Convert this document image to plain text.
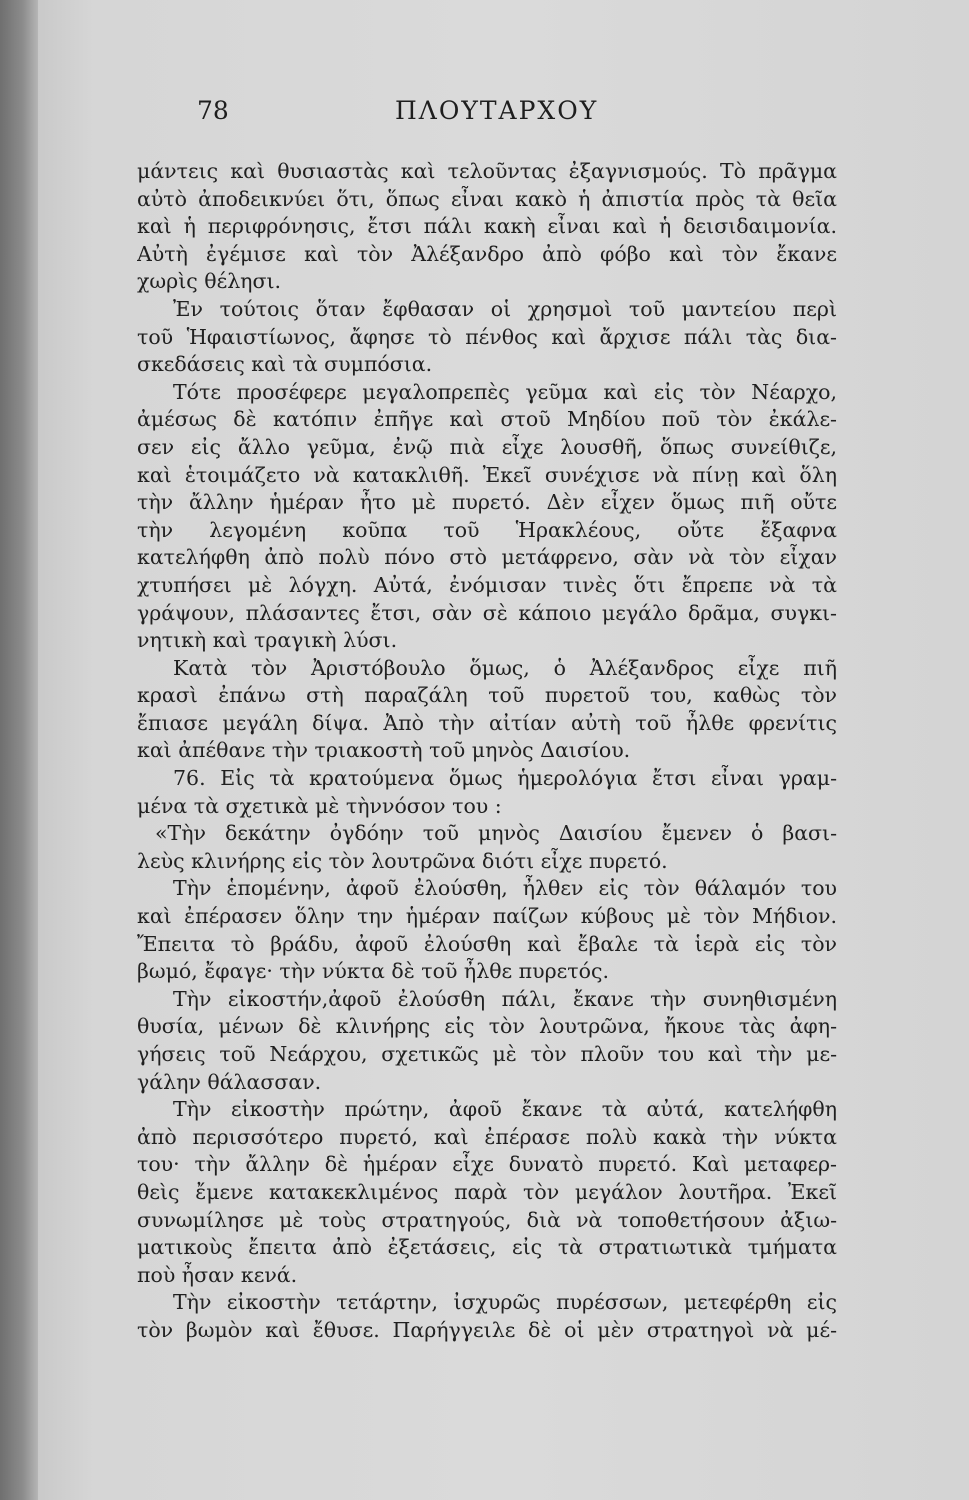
78	ΠΛΟΥΤΑΡΧΟΥ
μάντεις καὶ θυσιαστὰς καὶ τελοῦντας ἐξαγνισμούς. Τὸ πρᾶγμα
αὐτὸ ἀποδεικνύει ὅτι, ὅπως εἶναι κακὸ ἡ ἀπιστία πρὸς τὰ θεῖα
καὶ ἡ περιφρόνησις, ἔτσι πάλι κακὴ εἶναι καὶ ἡ δεισιδαιμονία.
Αὐτὴ ἐγέμισε καὶ τὸν Ἀλέξανδρο ἀπὸ φόβο καὶ τὸν ἔκανε
χωρὶς θέλησι.
Ἐν τούτοις ὅταν ἔφθασαν οἱ χρησμοὶ τοῦ μαντείου περὶ
τοῦ Ἡφαιστίωνος, ἄφησε τὸ πένθος καὶ ἄρχισε πάλι τὰς δια-
σκεδάσεις καὶ τὰ συμπόσια.
Τότε προσέφερε μεγαλοπρεπὲς γεῦμα καὶ εἰς τὸν Νέαρχο,
ἀμέσως δὲ κατόπιν ἐπῆγε καὶ στοῦ Μηδίου ποῦ τὸν ἐκάλε-
σεν εἰς ἄλλο γεῦμα, ἐνῷ πιὰ εἶχε λουσθῆ, ὅπως συνείθιζε,
καὶ ἑτοιμάζετο νὰ κατακλιθῆ. Ἐκεῖ συνέχισε νὰ πίνῃ καὶ ὅλη
τὴν ἄλλην ἡμέραν ἦτο μὲ πυρετό. Δὲν εἶχεν ὅμως πιῆ οὔτε
τὴν λεγομένη κοῦπα τοῦ Ἡρακλέους, οὔτε ἔξαφνα
κατελήφθη ἀπὸ πολὺ πόνο στὸ μετάφρενο, σὰν νὰ τὸν εἶχαν
χτυπήσει μὲ λόγχη. Αὐτά, ἐνόμισαν τινὲς ὅτι ἔπρεπε νὰ τὰ
γράψουν, πλάσαντες ἔτσι, σὰν σὲ κάποιο μεγάλο δρᾶμα, συγκι-
νητικὴ καὶ τραγικὴ λύσι.
Κατὰ τὸν Ἀριστόβουλο ὅμως, ὁ Ἀλέξανδρος εἶχε πιῆ
κρασὶ ἐπάνω στὴ παραζάλη τοῦ πυρετοῦ του, καθὼς τὸν
ἔπιασε μεγάλη δίψα. Ἀπὸ τὴν αἰτίαν αὐτὴ τοῦ ἦλθε φρενίτις
καὶ ἀπέθανε τὴν τριακοστὴ τοῦ μηνὸς Δαισίου.
76. Εἰς τὰ κρατούμενα ὅμως ἡμερολόγια ἔτσι εἶναι γραμ-
μένα τὰ σχετικὰ μὲ τὴννόσον του :
«Τὴν δεκάτην ὀγδόην τοῦ μηνὸς Δαισίου ἔμενεν ὁ βασι-
λεὺς κλινήρης εἰς τὸν λουτρῶνα διότι εἶχε πυρετό.
Τὴν ἑπομένην, ἀφοῦ ἐλούσθη, ἦλθεν εἰς τὸν θάλαμόν του
καὶ ἐπέρασεν ὅλην την ἡμέραν παίζων κύβους μὲ τὸν Μήδιον.
Ἔπειτα τὸ βράδυ, ἀφοῦ ἐλούσθη καὶ ἔβαλε τὰ ἱερὰ εἰς τὸν
βωμό, ἔφαγε· τὴν νύκτα δὲ τοῦ ἦλθε πυρετός.
Τὴν εἰκοστήν,ἀφοῦ ἐλούσθη πάλι, ἔκανε τὴν συνηθισμένη
θυσία, μένων δὲ κλινήρης εἰς τὸν λουτρῶνα, ἤκουε τὰς ἀφη-
γήσεις τοῦ Νεάρχου, σχετικῶς μὲ τὸν πλοῦν του καὶ τὴν με-
γάλην θάλασσαν.
Τὴν εἰκοστὴν πρώτην, ἀφοῦ ἔκανε τὰ αὐτά, κατελήφθη
ἀπὸ περισσότερο πυρετό, καὶ ἐπέρασε πολὺ κακὰ τὴν νύκτα
του· τὴν ἄλλην δὲ ἡμέραν εἶχε δυνατὸ πυρετό. Καὶ μεταφερ-
θεὶς ἔμενε κατακεκλιμένος παρὰ τὸν μεγάλον λουτῆρα. Ἐκεῖ
συνωμίλησε μὲ τοὺς στρατηγούς, διὰ νὰ τοποθετήσουν ἀξιω-
ματικοὺς ἔπειτα ἀπὸ ἐξετάσεις, εἰς τὰ στρατιωτικὰ τμήματα
ποὺ ἦσαν κενά.
Τὴν εἰκοστὴν τετάρτην, ἰσχυρῶς πυρέσσων, μετεφέρθη εἰς
τὸν βωμὸν καὶ ἔθυσε. Παρήγγειλε δὲ οἱ μὲν στρατηγοὶ νὰ μέ-
